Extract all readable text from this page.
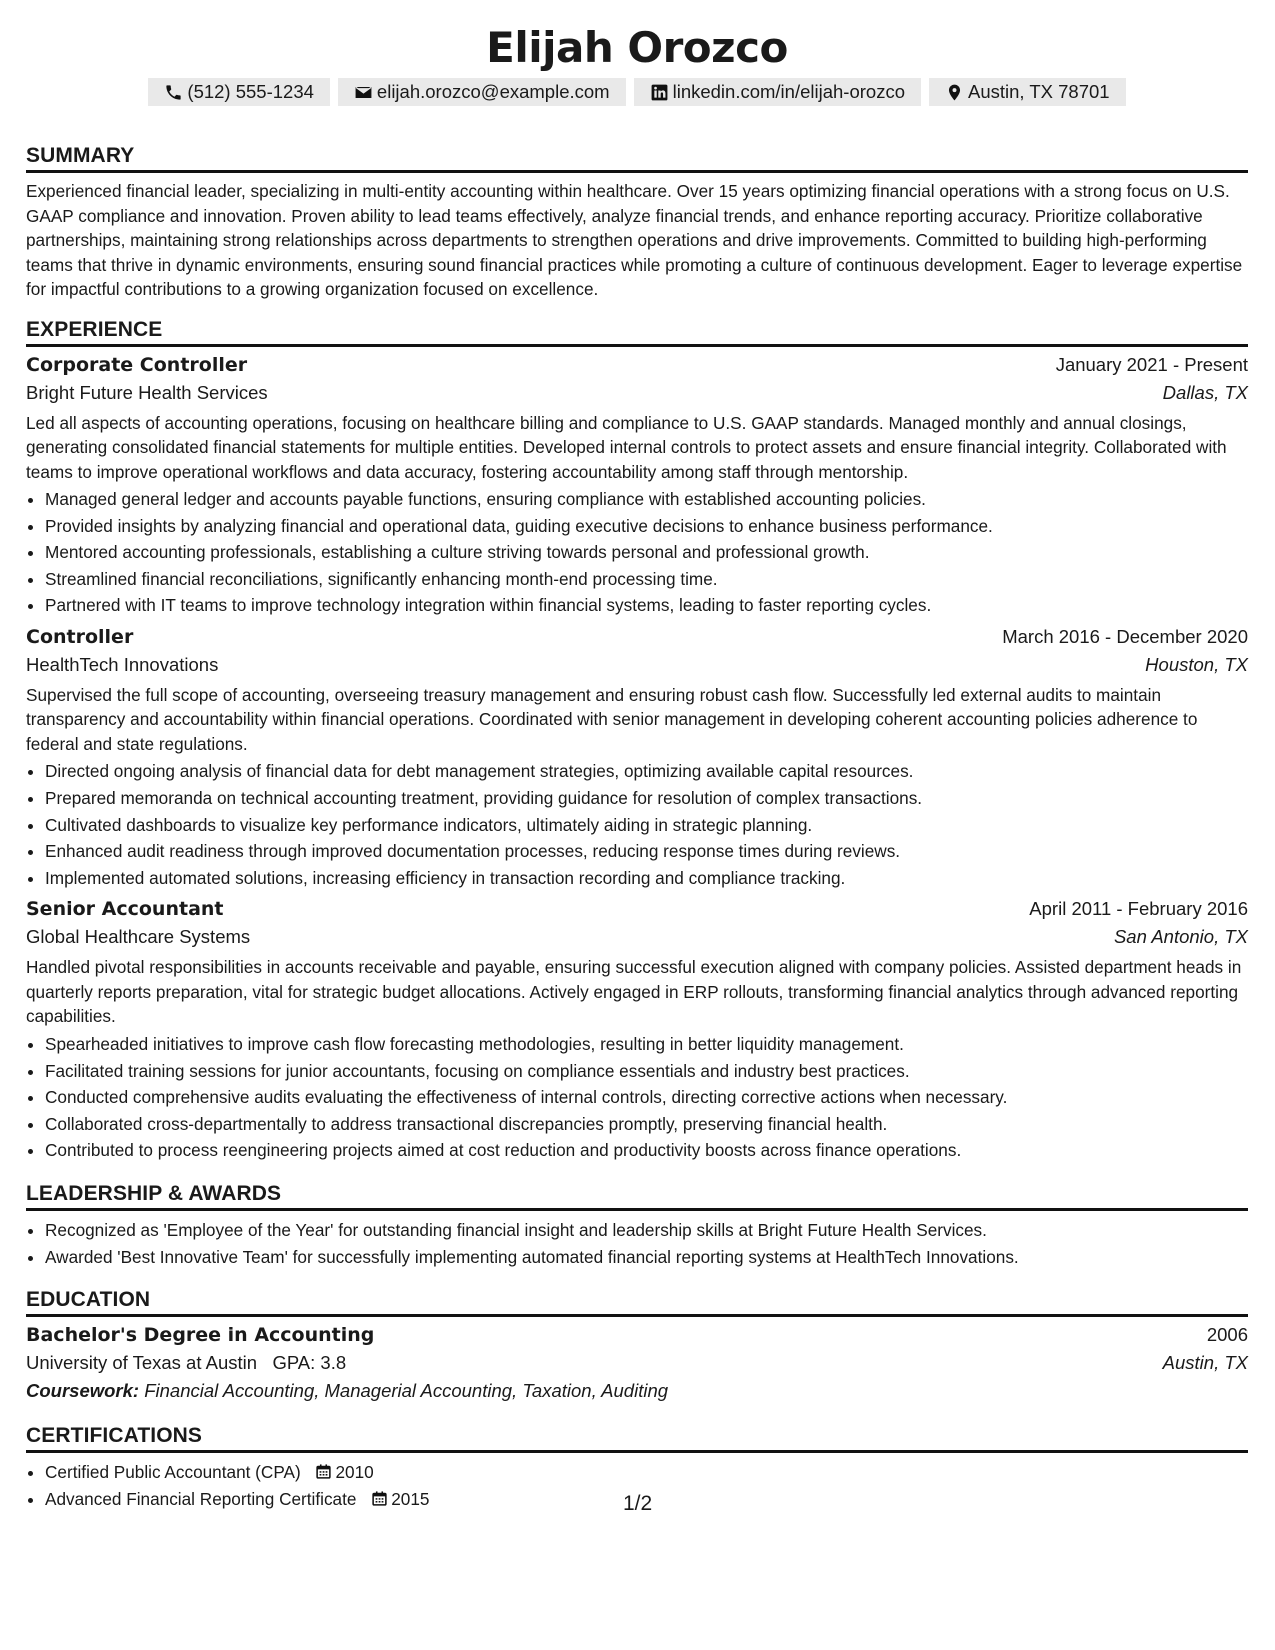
Elijah Orozco
(512) 555-1234	elijah.orozco@example.com	linkedin.com/in/elijah-orozco	Austin, TX 78701
SUMMARY

Experienced financial leader, specializing in multi-entity accounting within healthcare. Over 15 years optimizing financial operations with a strong focus on U.S. GAAP compliance and innovation. Proven ability to lead teams effectively, analyze financial trends, and enhance reporting accuracy. Prioritize collaborative partnerships, maintaining strong relationships across departments to strengthen operations and drive improvements. Committed to building high-performing teams that thrive in dynamic environments, ensuring sound financial practices while promoting a culture of continuous development. Eager to leverage expertise for impactful contributions to a growing organization focused on excellence.

EXPERIENCE
Corporate Controller	January 2021 - Present
Bright Future Health Services	Dallas, TX

Led all aspects of accounting operations, focusing on healthcare billing and compliance to U.S. GAAP standards. Managed monthly and annual closings, generating consolidated financial statements for multiple entities. Developed internal controls to protect assets and ensure financial integrity. Collaborated with teams to improve operational workflows and data accuracy, fostering accountability among staff through mentorship.

• Managed general ledger and accounts payable functions, ensuring compliance with established accounting policies.
• Provided insights by analyzing financial and operational data, guiding executive decisions to enhance business performance.
• Mentored accounting professionals, establishing a culture striving towards personal and professional growth.
• Streamlined financial reconciliations, significantly enhancing month-end processing time.
• Partnered with IT teams to improve technology integration within financial systems, leading to faster reporting cycles.
Controller	March 2016 - December 2020
HealthTech Innovations	Houston, TX

Supervised the full scope of accounting, overseeing treasury management and ensuring robust cash flow. Successfully led external audits to maintain transparency and accountability within financial operations. Coordinated with senior management in developing coherent accounting policies adherence to federal and state regulations.

• Directed ongoing analysis of financial data for debt management strategies, optimizing available capital resources.
• Prepared memoranda on technical accounting treatment, providing guidance for resolution of complex transactions.
• Cultivated dashboards to visualize key performance indicators, ultimately aiding in strategic planning.
• Enhanced audit readiness through improved documentation processes, reducing response times during reviews.
• Implemented automated solutions, increasing efficiency in transaction recording and compliance tracking.
Senior Accountant	April 2011 - February 2016
Global Healthcare Systems	San Antonio, TX

Handled pivotal responsibilities in accounts receivable and payable, ensuring successful execution aligned with company policies. Assisted department heads in quarterly reports preparation, vital for strategic budget allocations. Actively engaged in ERP rollouts, transforming financial analytics through advanced reporting capabilities.

• Spearheaded initiatives to improve cash flow forecasting methodologies, resulting in better liquidity management.
• Facilitated training sessions for junior accountants, focusing on compliance essentials and industry best practices.
• Conducted comprehensive audits evaluating the effectiveness of internal controls, directing corrective actions when necessary.
• Collaborated cross-departmentally to address transactional discrepancies promptly, preserving financial health.
• Contributed to process reengineering projects aimed at cost reduction and productivity boosts across finance operations.
LEADERSHIP & AWARDS
• Recognized as 'Employee of the Year' for outstanding financial insight and leadership skills at Bright Future Health Services.
• Awarded 'Best Innovative Team' for successfully implementing automated financial reporting systems at HealthTech Innovations.
EDUCATION
Bachelor's Degree in Accounting	2006
University of Texas at Austin GPA: 3.8	Austin, TX
Coursework: Financial Accounting, Managerial Accounting, Taxation, Auditing
CERTIFICATIONS
• Certified Public Accountant (CPA) 2010
• Advanced Financial Reporting Certificate 2015	1/2
